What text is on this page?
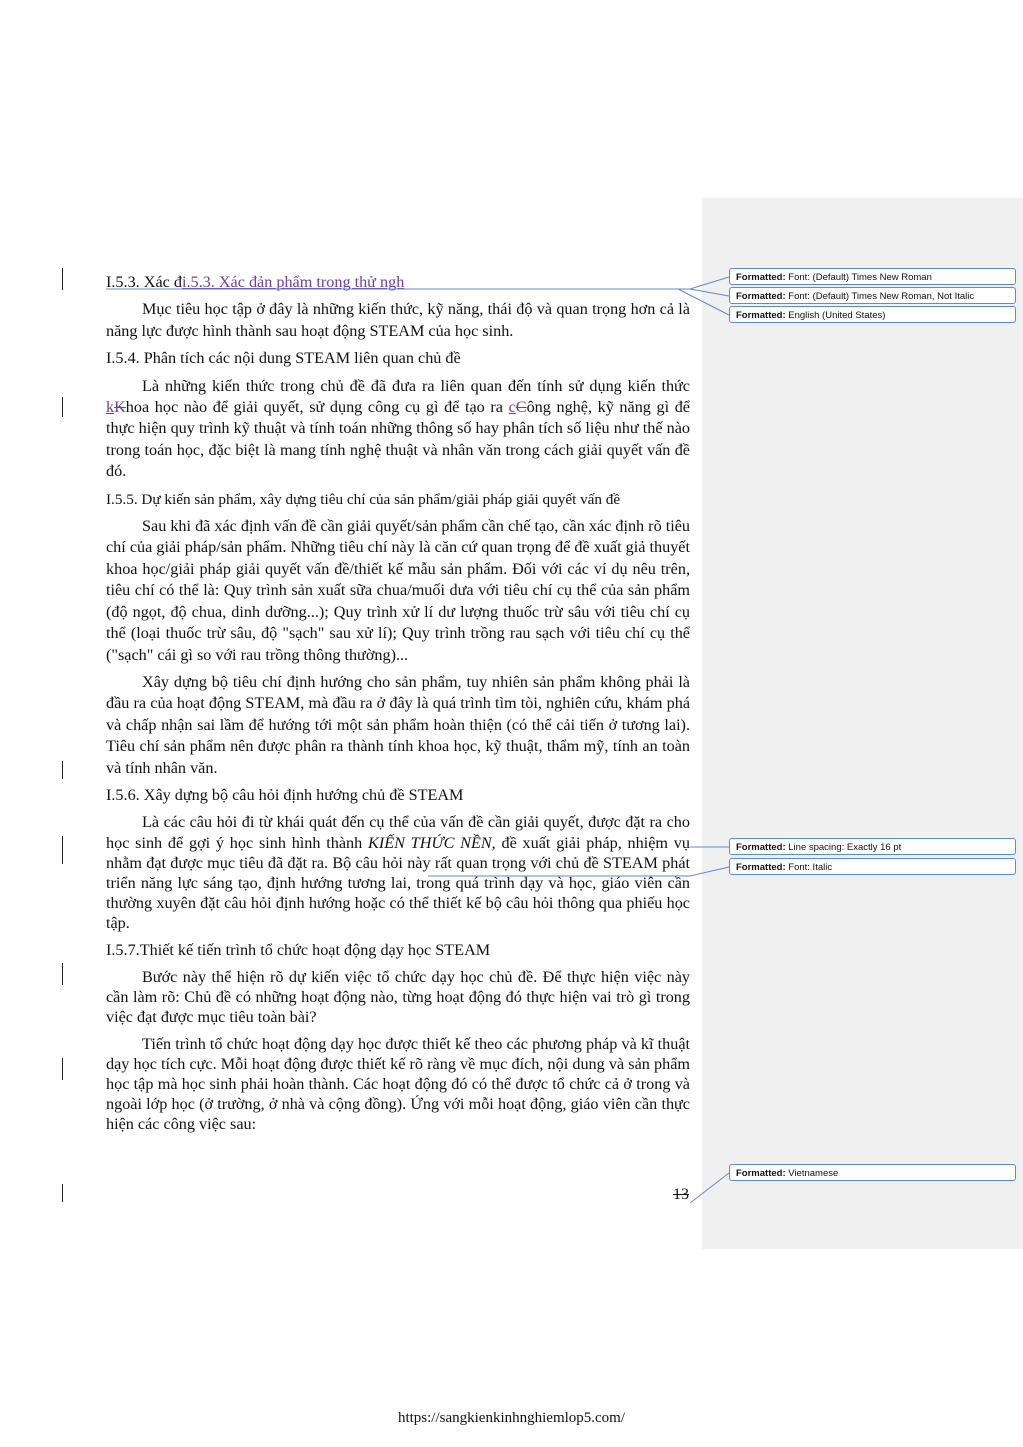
I.5.3. Xác đi.5.3. Xác đản phẩm trong thử ngh

Mục tiêu học tập ở đây là những kiến thức, kỹ năng, thái độ và quan trọng hơn cả là năng lực được hình thành sau hoạt động STEAM của học sinh.

I.5.4. Phân tích các nội dung STEAM liên quan chủ đề

Là những kiến thức trong chủ đề đã đưa ra liên quan đến tính sử dụng kiến thức kKhoa học nào để giải quyết, sử dụng công cụ gì để tạo ra cCông nghệ, kỹ năng gì để thực hiện quy trình kỹ thuật và tính toán những thông số hay phân tích số liệu như thế nào trong toán học, đặc biệt là mang tính nghệ thuật và nhân văn trong cách giải quyết vấn đề đó.

I.5.5. Dự kiến sản phẩm, xây dựng tiêu chí của sản phẩm/giải pháp giải quyết vấn đề

Sau khi đã xác định vấn đề cần giải quyết/sản phẩm cần chế tạo, cần xác định rõ tiêu chí của giải pháp/sản phẩm. Những tiêu chí này là căn cứ quan trọng để đề xuất giả thuyết khoa học/giải pháp giải quyết vấn đề/thiết kế mẫu sản phẩm. Đối với các ví dụ nêu trên, tiêu chí có thể là: Quy trình sản xuất sữa chua/muối dưa với tiêu chí cụ thể của sản phẩm (độ ngọt, độ chua, dinh dưỡng...); Quy trình xử lí dư lượng thuốc trừ sâu với tiêu chí cụ thể (loại thuốc trừ sâu, độ "sạch" sau xử lí); Quy trình trồng rau sạch với tiêu chí cụ thể ("sạch" cái gì so với rau trồng thông thường)...

Xây dựng bộ tiêu chí định hướng cho sản phẩm, tuy nhiên sản phẩm không phải là đầu ra của hoạt động STEAM, mà đầu ra ở đây là quá trình tìm tòi, nghiên cứu, khám phá và chấp nhận sai lầm để hướng tới một sản phẩm hoàn thiện (có thể cải tiến ở tương lai). Tiêu chí sản phẩm nên được phân ra thành tính khoa học, kỹ thuật, thẩm mỹ, tính an toàn và tính nhân văn.

I.5.6. Xây dựng bộ câu hỏi định hướng chủ đề STEAM

Là các câu hỏi đi từ khái quát đến cụ thể của vấn đề cần giải quyết, được đặt ra cho học sinh để gợi ý học sinh hình thành KIẾN THỨC NỀN, đề xuất giải pháp, nhiệm vụ nhằm đạt được mục tiêu đã đặt ra. Bộ câu hỏi này rất quan trọng với chủ đề STEAM phát triển năng lực sáng tạo, định hướng tương lai, trong quá trình dạy và học, giáo viên cần thường xuyên đặt câu hỏi định hướng hoặc có thể thiết kế bộ câu hỏi thông qua phiếu học tập.

I.5.7.Thiết kế tiến trình tổ chức hoạt động dạy học STEAM

Bước này thể hiện rõ dự kiến việc tổ chức dạy học chủ đề. Để thực hiện việc này cần làm rõ: Chủ đề có những hoạt động nào, từng hoạt động đó thực hiện vai trò gì trong việc đạt được mục tiêu toàn bài?

Tiến trình tổ chức hoạt động dạy học được thiết kế theo các phương pháp và kĩ thuật dạy học tích cực. Mỗi hoạt động được thiết kế rõ ràng về mục đích, nội dung và sản phẩm học tập mà học sinh phải hoàn thành. Các hoạt động đó có thể được tổ chức cả ở trong và ngoài lớp học (ở trường, ở nhà và cộng đồng). Ứng với mỗi hoạt động, giáo viên cần thực hiện các công việc sau:

13
Formatted: Font: (Default) Times New Roman
Formatted: Font: (Default) Times New Roman, Not Italic
Formatted: English (United States)
Formatted: Line spacing: Exactly 16 pt
Formatted: Font: Italic
Formatted: Vietnamese
https://sangkienkinhnghiemlop5.com/
